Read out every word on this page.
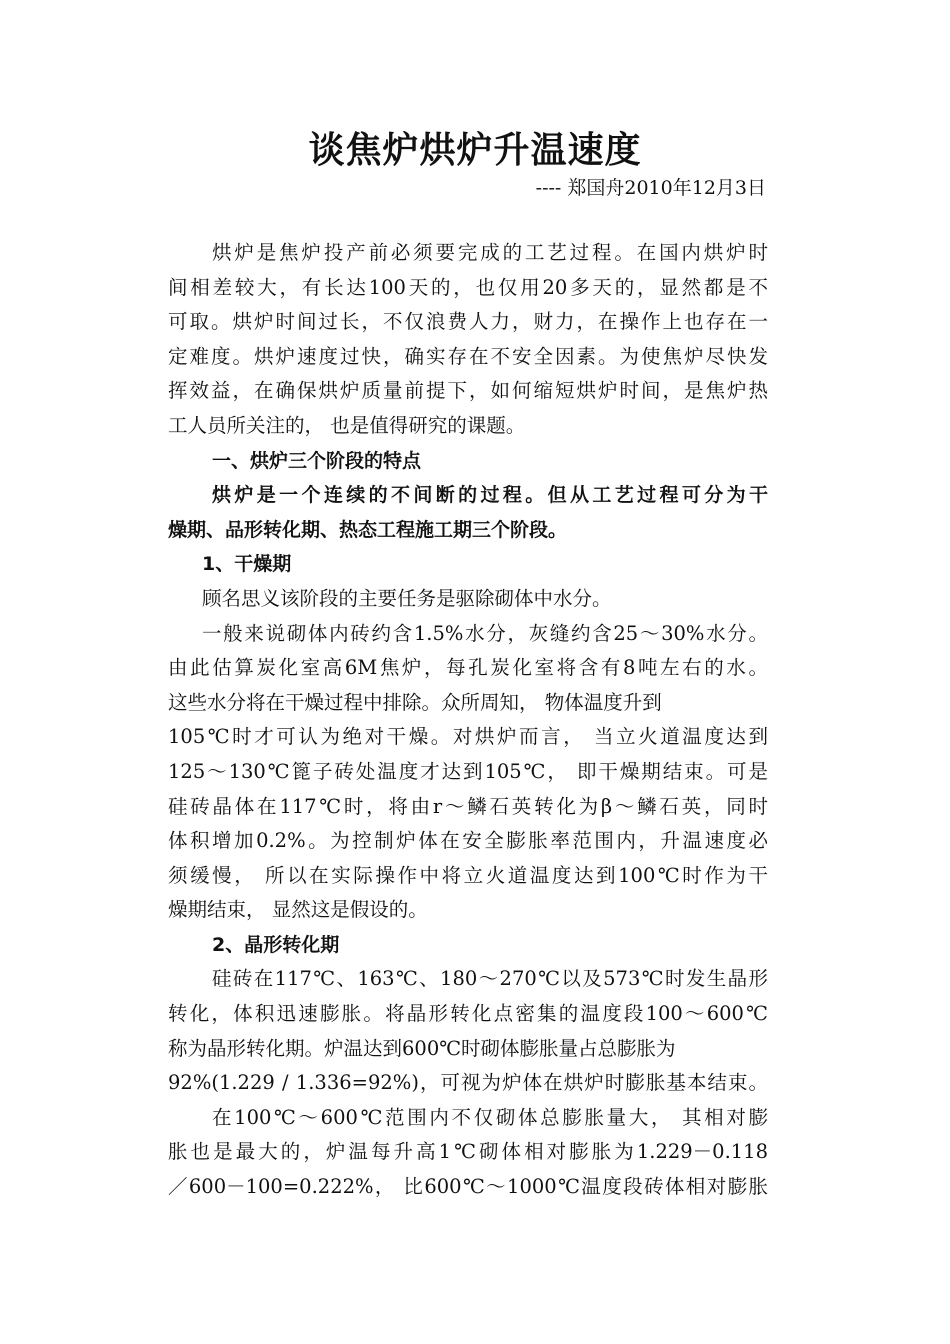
谈焦炉烘炉升温速度
---- 郑国舟2010年12月3日
烘炉是焦炉投产前必须要完成的工艺过程。在国内烘炉时
间相差较大，有长达100天的，也仅用20多天的，显然都是不
可取。烘炉时间过长，不仅浪费人力，财力，在操作上也存在一
定难度。烘炉速度过快，确实存在不安全因素。为使焦炉尽快发
挥效益，在确保烘炉质量前提下，如何缩短烘炉时间，是焦炉热
工人员所关注的， 也是值得研究的课题。
一、烘炉三个阶段的特点
烘炉是一个连续的不间断的过程。但从工艺过程可分为干
燥期、品形转化期、热态工程施工期三个阶段。
1、干燥期
顾名思义该阶段的主要任务是驱除砌体中水分。
一般来说砌体内砖约含1.5%水分，灰缝约含25～30%水分。
由此估算炭化室高6M焦炉，每孔炭化室将含有8吨左右的水。
这些水分将在干燥过程中排除。众所周知， 物体温度升到
105℃时才可认为绝对干燥。对烘炉而言， 当立火道温度达到
125～130℃篦子砖处温度才达到105℃， 即干燥期结束。可是
硅砖晶体在117℃时，将由r～鳞石英转化为β～鳞石英，同时
体积增加0.2%。为控制炉体在安全膨胀率范围内，升温速度必
须缓慢， 所以在实际操作中将立火道温度达到100℃时作为干
燥期结束， 显然这是假设的。
2、晶形转化期
硅砖在117℃、163℃、180～270℃以及573℃时发生晶形
转化，体积迅速膨胀。将晶形转化点密集的温度段100～600℃
称为晶形转化期。炉温达到600℃时砌体膨胀量占总膨胀为
92%(1.229 / 1.336=92%)，可视为炉体在烘炉时膨胀基本结束。
在100℃～600℃范围内不仅砌体总膨胀量大， 其相对膨
胀也是最大的，炉温每升高1℃砌体相对膨胀为1.229－0.118
／600－100=0.222%， 比600℃～1000℃温度段砖体相对膨胀
